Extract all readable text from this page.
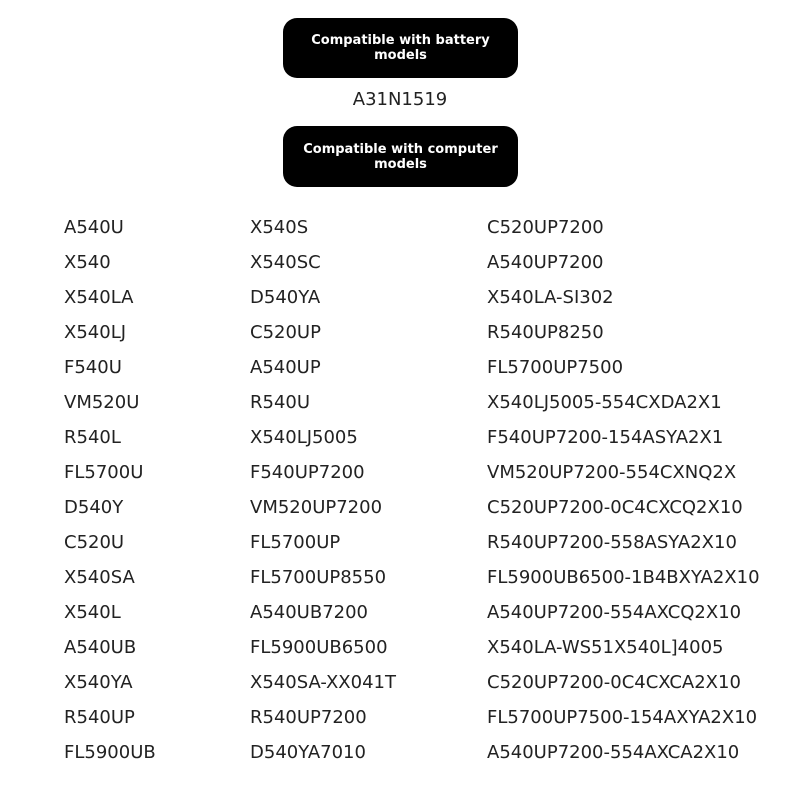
Compatible with battery models
A31N1519
Compatible with computer models
A540U
X540
X540LA
X540LJ
F540U
VM520U
R540L
FL5700U
D540Y
C520U
X540SA
X540L
A540UB
X540YA
R540UP
FL5900UB
X540S
X540SC
D540YA
C520UP
A540UP
R540U
X540LJ5005
F540UP7200
VM520UP7200
FL5700UP
FL5700UP8550
A540UB7200
FL5900UB6500
X540SA-XX041T
R540UP7200
D540YA7010
C520UP7200
A540UP7200
X540LA-SI302
R540UP8250
FL5700UP7500
X540LJ5005-554CXDA2X1
F540UP7200-154ASYA2X1
VM520UP7200-554CXNQ2X
C520UP7200-0C4CXCQ2X10
R540UP7200-558ASYA2X10
FL5900UB6500-1B4BXYA2X10
A540UP7200-554AXCQ2X10
X540LA-WS51X540L]4005
C520UP7200-0C4CXCA2X10
FL5700UP7500-154AXYA2X10
A540UP7200-554AXCA2X10
